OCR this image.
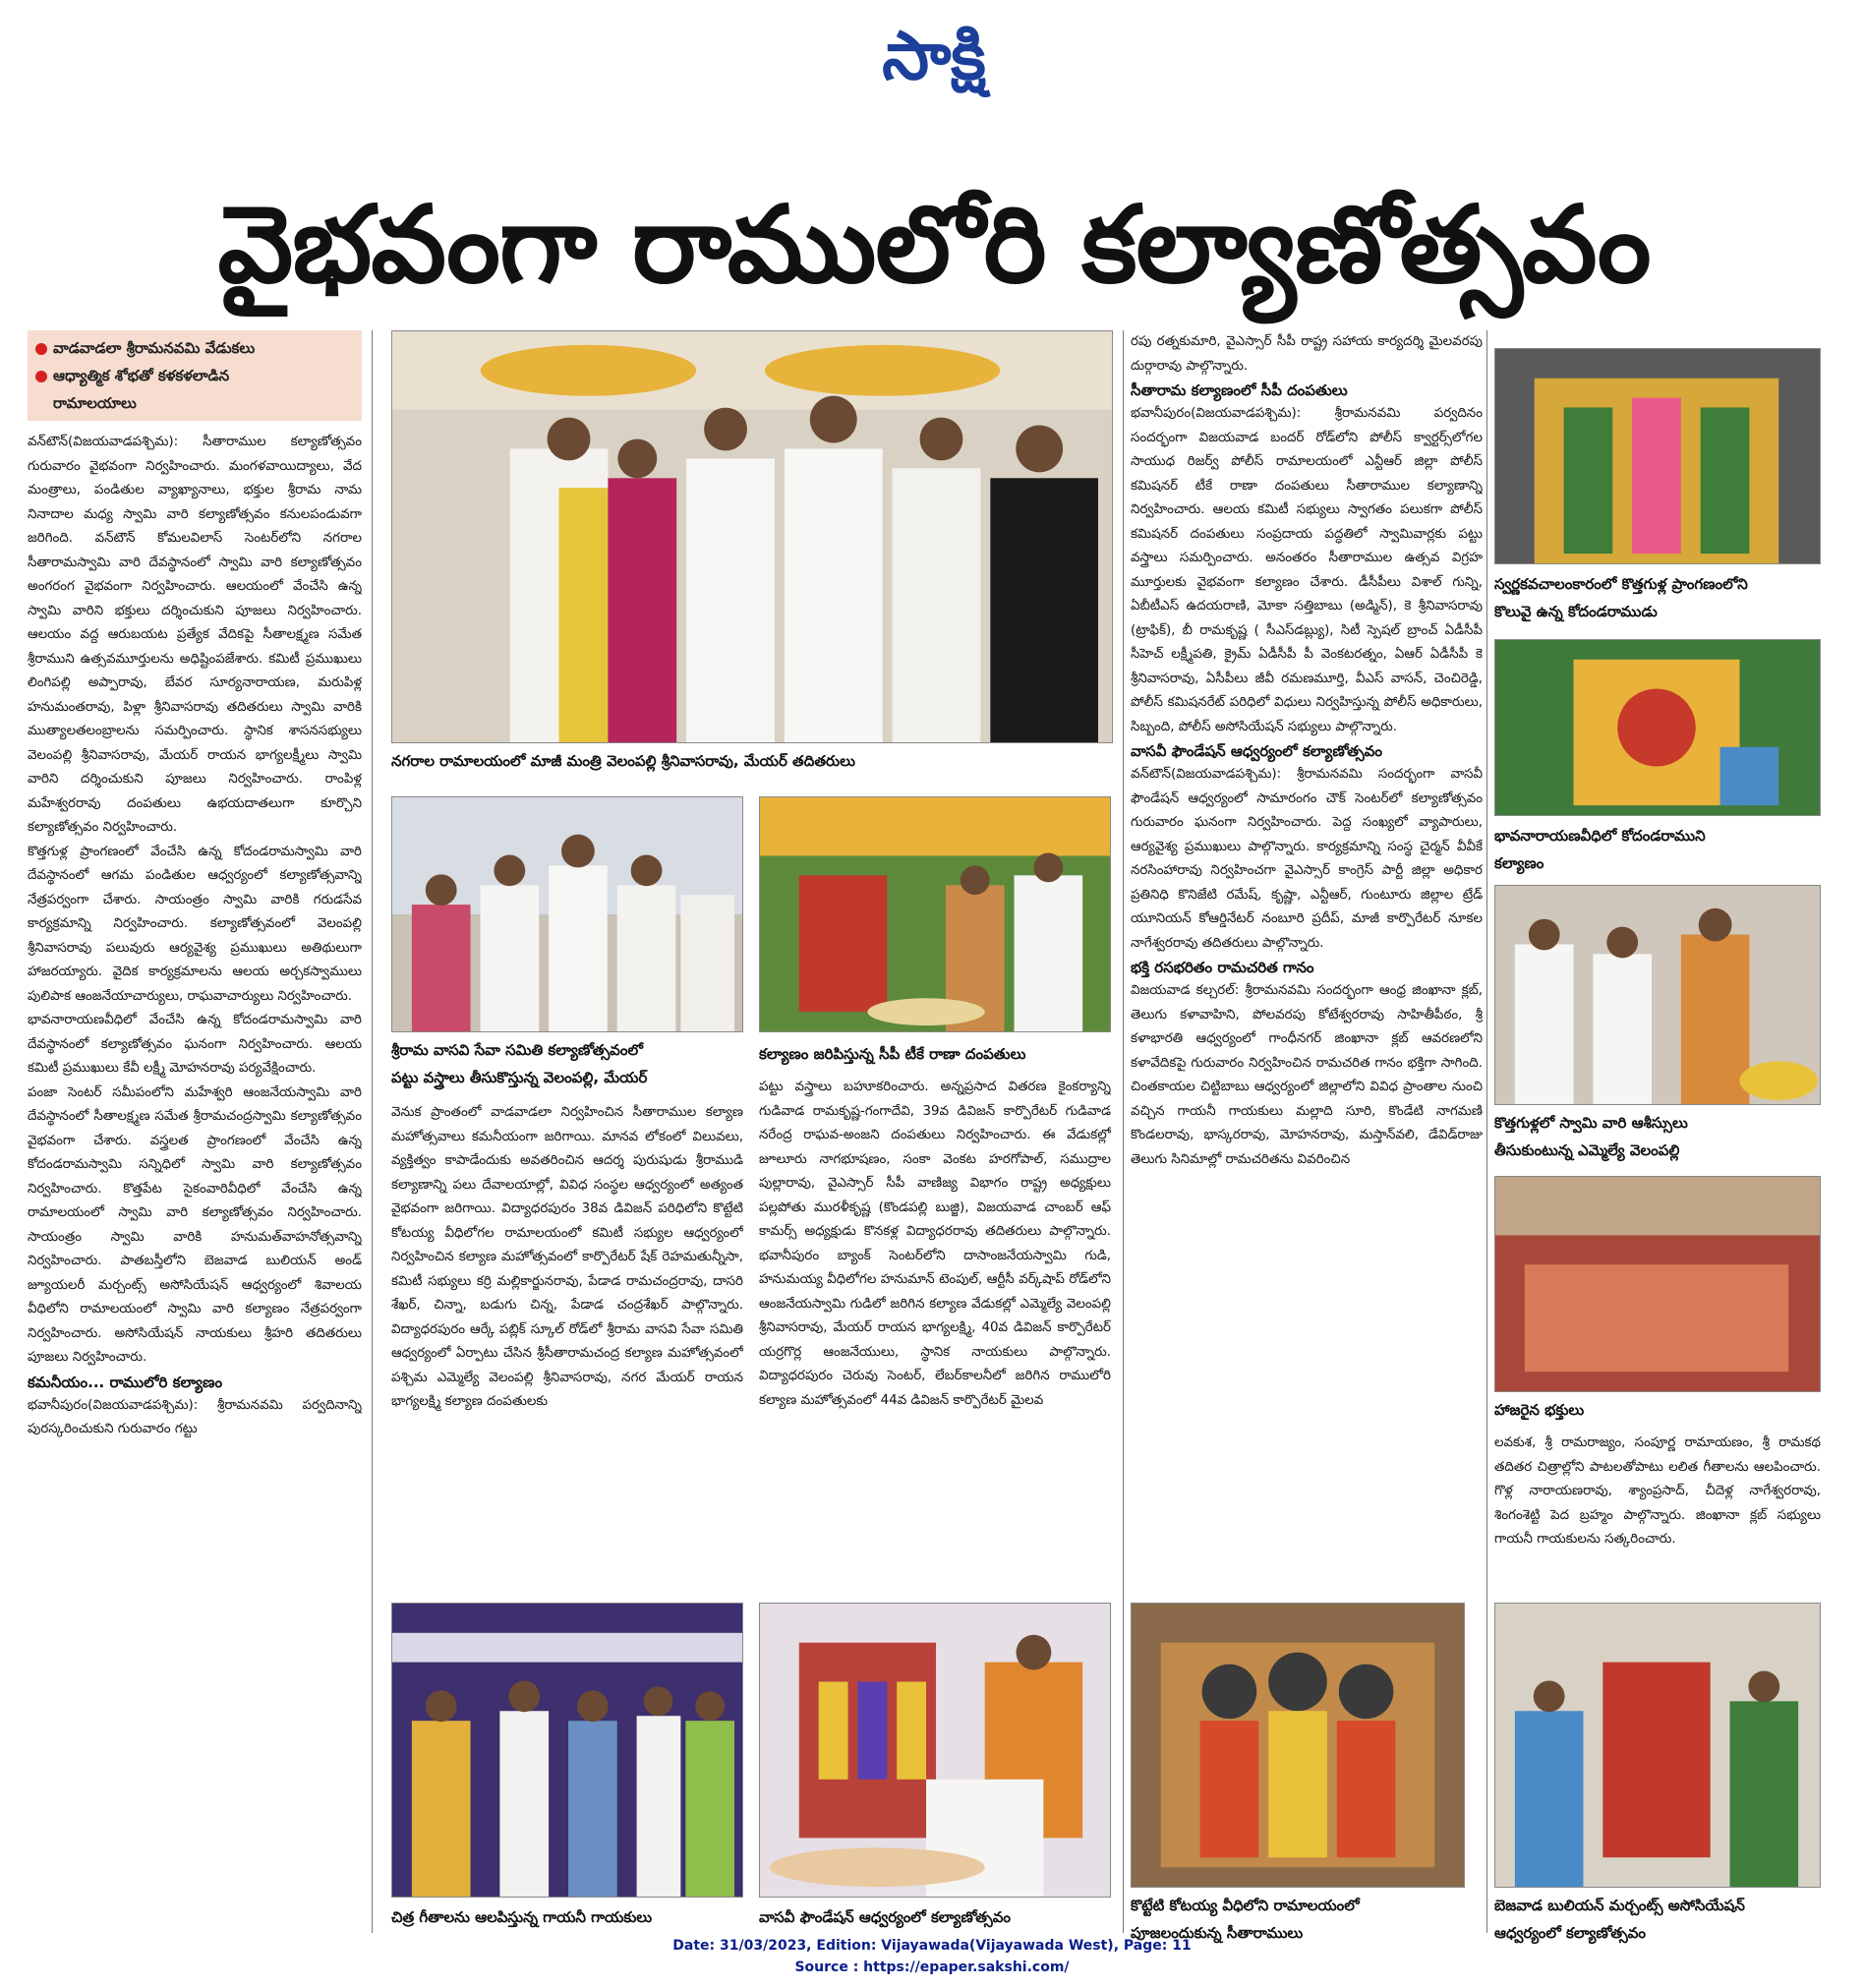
సాక్షి
వైభవంగా రాములోరి కల్యాణోత్సవం
వాడవాడలా శ్రీరామనవమి వేడుకలు
ఆధ్యాత్మిక శోభతో కళకళలాడిన
రామాలయాలు

వన్‌టౌన్‌(విజయవాడపశ్చిమ): సీతారాముల కల్యాణోత్సవం గురువారం వైభవంగా నిర్వహించారు. మంగళవాయిద్యాలు, వేద మంత్రాలు, పండితుల వ్యాఖ్యానాలు, భక్తుల శ్రీరామ నామ నినాదాల మధ్య స్వామి వారి కల్యాణోత్సవం కనులపండువగా జరిగింది. వన్‌టౌన్‌ కోమలవిలాస్‌ సెంటర్‌లోని నగరాల సీతారామస్వామి వారి దేవస్థానంలో స్వామి వారి కల్యాణోత్సవం అంగరంగ వైభవంగా నిర్వహించారు. ఆలయంలో వేంచేసి ఉన్న స్వామి వారిని భక్తులు దర్శించుకుని పూజలు నిర్వహించారు. ఆలయం వద్ద ఆరుబయట ప్రత్యేక వేదికపై సీతాలక్ష్మణ సమేత శ్రీరాముని ఉత్సవమూర్తులను అధిష్టింపజేశారు. కమిటీ ప్రముఖులు లింగిపల్లి అప్పారావు, బేవర సూర్యనారాయణ, మరుపిళ్ల హనుమంతరావు, పిళ్లా శ్రీనివాసరావు తదితరులు స్వామి వారికి ముత్యాలతలంబ్రాలను సమర్పించారు. స్థానిక శాసనసభ్యులు వెలంపల్లి శ్రీనివాసరావు, మేయర్‌ రాయన భాగ్యలక్ష్మీలు స్వామి వారిని దర్శించుకుని పూజలు నిర్వహించారు. రాంపిళ్ల మహేశ్వరరావు దంపతులు ఉభయదాతలుగా కూర్చొని కల్యాణోత్సవం నిర్వహించారు.

కొత్తగుళ్ల ప్రాంగణంలో వేంచేసి ఉన్న కోదండరామస్వామి వారి దేవస్థానంలో ఆగమ పండితుల ఆధ్వర్యంలో కల్యాణోత్సవాన్ని నేత్రపర్వంగా చేశారు. సాయంత్రం స్వామి వారికి గరుడసేవ కార్యక్రమాన్ని నిర్వహించారు. కల్యాణోత్సవంలో వెలంపల్లి శ్రీనివాసరావు పలువురు ఆర్యవైశ్య ప్రముఖులు అతిథులుగా హాజరయ్యారు. వైదిక కార్యక్రమాలను ఆలయ అర్చకస్వాములు పులిపాక ఆంజనేయాచార్యులు, రాఘవాచార్యులు నిర్వహించారు.

భావనారాయణవీధిలో వేంచేసి ఉన్న కోదండరామస్వామి వారి దేవస్థానంలో కల్యాణోత్సవం ఘనంగా నిర్వహించారు. ఆలయ కమిటీ ప్రముఖులు కేవీ లక్ష్మీ మోహనరావు పర్యవేక్షించారు.

పంజా సెంటర్‌ సమీపంలోని మహేశ్వరి ఆంజనేయస్వామి వారి దేవస్థానంలో సీతాలక్ష్మణ సమేత శ్రీరామచంద్రస్వామి కల్యాణోత్సవం వైభవంగా చేశారు. వస్త్రలత ప్రాంగణంలో వేంచేసి ఉన్న కోదండరామస్వామి సన్నిధిలో స్వామి వారి కల్యాణోత్సవం నిర్వహించారు. కొత్తపేట సైకంవారివీధిలో వేంచేసి ఉన్న రామాలయంలో స్వామి వారి కల్యాణోత్సవం నిర్వహించారు. సాయంత్రం స్వామి వారికి హనుమత్‌వాహనోత్సవాన్ని నిర్వహించారు. పాతబస్తీలోని బెజవాడ బులియన్‌ అండ్‌ జ్యూయలరీ మర్చంట్స్‌ అసోసియేషన్‌ ఆధ్వర్యంలో శివాలయ వీధిలోని రామాలయంలో స్వామి వారి కల్యాణం నేత్రపర్వంగా నిర్వహించారు. అసోసియేషన్‌ నాయకులు శ్రీహరి తదితరులు పూజలు నిర్వహించారు.

కమనీయం... రాములోరి కల్యాణం

భవానీపురం(విజయవాడపశ్చిమ): శ్రీరామనవమి పర్వదినాన్ని పురస్కరించుకుని గురువారం గట్టు

నగరాల రామాలయంలో మాజీ మంత్రి వెలంపల్లి శ్రీనివాసరావు, మేయర్‌ తదితరులు
శ్రీరామ వాసవి సేవా సమితి కల్యాణోత్సవంలో
పట్టు వస్త్రాలు తీసుకొస్తున్న వెలంపల్లి, మేయర్‌
కల్యాణం జరిపిస్తున్న సీపీ టీకే రాణా దంపతులు

వెనుక ప్రాంతంలో వాడవాడలా నిర్వహించిన సీతారాముల కల్యాణ మహోత్సవాలు కమనీయంగా జరిగాయి. మానవ లోకంలో విలువలు, వ్యక్తిత్వం కాపాడేందుకు అవతరించిన ఆదర్శ పురుషుడు శ్రీరాముడి కల్యాణాన్ని పలు దేవాలయాల్లో, వివిధ సంస్థల ఆధ్వర్యంలో అత్యంత వైభవంగా జరిగాయి. విద్యాధరపురం 38వ డివిజన్‌ పరిధిలోని కొట్టేటి కోటయ్య వీధిలోగల రామాలయంలో కమిటీ సభ్యుల ఆధ్వర్యంలో నిర్వహించిన కల్యాణ మహోత్సవంలో కార్పొరేటర్‌ షేక్‌ రెహమతున్నీసా, కమిటీ సభ్యులు కర్రి మల్లికార్జునరావు, పేడాడ రామచంద్రరావు, దాసరి శేఖర్‌, చిన్నా, బడుగు చిన్న, పేడాడ చంద్రశేఖర్‌ పాల్గొన్నారు. విద్యాధరపురం ఆర్కే పబ్లిక్‌ స్కూల్‌ రోడ్‌లో శ్రీరామ వాసవి సేవా సమితి ఆధ్వర్యంలో ఏర్పాటు చేసిన శ్రీసీతారామచంద్ర కల్యాణ మహోత్సవంలో పశ్చిమ ఎమ్మెల్యే వెలంపల్లి శ్రీనివాసరావు, నగర మేయర్‌ రాయన భాగ్యలక్ష్మి కల్యాణ దంపతులకు

పట్టు వస్త్రాలు బహూకరించారు. అన్నప్రసాద వితరణ కైంకర్యాన్ని గుడివాడ రామకృష్ణ-గంగాదేవి, 39వ డివిజన్‌ కార్పొరేటర్‌ గుడివాడ నరేంద్ర రాఘవ-అంజని దంపతులు నిర్వహించారు. ఈ వేడుకల్లో జూలూరు నాగభూషణం, సంకా వెంకట హరగోపాల్‌, సముద్రాల పుల్లారావు, వైఎస్సార్‌ సీపీ వాణిజ్య విభాగం రాష్ట్ర అధ్యక్షులు పల్లపోతు మురళీకృష్ణ (కొండపల్లి బుజ్జి), విజయవాడ చాంబర్‌ ఆఫ్‌ కామర్స్‌ అధ్యక్షుడు కొనకళ్ల విద్యాధరరావు తదితరులు పాల్గొన్నారు. భవానీపురం బ్యాంక్‌ సెంటర్‌లోని దాసాంజనేయస్వామి గుడి, హనుమయ్య వీధిలోగల హనుమాన్‌ టెంపుల్‌, ఆర్టీసీ వర్క్‌షాప్‌ రోడ్‌లోని ఆంజనేయస్వామి గుడిలో జరిగిన కల్యాణ వేడుకల్లో ఎమ్మెల్యే వెలంపల్లి శ్రీనివాసరావు, మేయర్‌ రాయన భాగ్యలక్ష్మి, 40వ డివిజన్‌ కార్పొరేటర్‌ యర్రగొర్ల ఆంజనేయులు, స్థానిక నాయకులు పాల్గొన్నారు. విద్యాధరపురం చెరువు సెంటర్‌, లేబర్‌కాలనీలో జరిగిన రాములోరి కల్యాణ మహోత్సవంలో 44వ డివిజన్‌ కార్పొరేటర్‌ మైలవ

చిత్ర గీతాలను ఆలపిస్తున్న గాయనీ గాయకులు	వాసవీ ఫౌండేషన్‌ ఆధ్వర్యంలో కల్యాణోత్సవం

రపు రత్నకుమారి, వైఎస్సార్‌ సీపీ రాష్ట్ర సహాయ కార్యదర్శి మైలవరపు దుర్గారావు పాల్గొన్నారు.

సీతారామ కల్యాణంలో సీపీ దంపతులు

భవానీపురం(విజయవాడపశ్చిమ): శ్రీరామనవమి పర్వదినం సందర్భంగా విజయవాడ బందర్‌ రోడ్‌లోని పోలీస్‌ క్వార్టర్స్‌లోగల సాయుధ రిజర్వ్‌ పోలీస్‌ రామాలయంలో ఎన్టీఆర్‌ జిల్లా పోలీస్‌ కమిషనర్‌ టీకే రాణా దంపతులు సీతారాముల కల్యాణాన్ని నిర్వహించారు. ఆలయ కమిటీ సభ్యులు స్వాగతం పలుకగా పోలీస్‌ కమిషనర్‌ దంపతులు సంప్రదాయ పద్ధతిలో స్వామివార్లకు పట్టు వస్త్రాలు సమర్పించారు. అనంతరం సీతారాముల ఉత్సవ విగ్రహ మూర్తులకు వైభవంగా కల్యాణం చేశారు. డీసీపీలు విశాల్‌ గున్ని, ఏబీటీఎస్‌ ఉదయరాణి, మోకా సత్తిబాబు (అడ్మిన్‌), కె శ్రీనివాసరావు (ట్రాఫిక్‌), బీ రామకృష్ణ ( సీఎస్‌డబ్ల్యు), సిటీ స్పెషల్‌ బ్రాంచ్‌ ఏడీసీపీ సీహెచ్‌ లక్ష్మీపతి, క్రైమ్‌ ఏడీసీపీ పీ వెంకటరత్నం, ఏఆర్‌ ఏడీసీపీ కె శ్రీనివాసరావు, ఏసీపీలు జీవీ రమణమూర్తి, వీఎస్‌ వాసన్‌, చెంచిరెడ్డి, పోలీస్‌ కమిషనరేట్‌ పరిధిలో విధులు నిర్వహిస్తున్న పోలీస్‌ అధికారులు, సిబ్బంది, పోలీస్‌ అసోసియేషన్‌ సభ్యులు పాల్గొన్నారు.

వాసవీ ఫౌండేషన్‌ ఆధ్వర్యంలో కల్యాణోత్సవం

వన్‌టౌన్‌(విజయవాడపశ్చిమ): శ్రీరామనవమి సందర్భంగా వాసవీ ఫౌండేషన్‌ ఆధ్వర్యంలో సామారంగం చౌక్‌ సెంటర్‌లో కల్యాణోత్సవం గురువారం ఘనంగా నిర్వహించారు. పెద్ద సంఖ్యలో వ్యాపారులు, ఆర్యవైశ్య ప్రముఖులు పాల్గొన్నారు. కార్యక్రమాన్ని సంస్థ చైర్మన్‌ వీవీకే నరసింహారావు నిర్వహించగా వైఎస్సార్‌ కాంగ్రెస్‌ పార్టీ జిల్లా అధికార ప్రతినిధి కొనిజేటి రమేష్‌, కృష్ణా, ఎన్టీఆర్‌, గుంటూరు జిల్లాల ట్రేడ్‌ యూనియన్‌ కోఆర్డినేటర్‌ నంబూరి ప్రదీప్‌, మాజీ కార్పొరేటర్‌ నూకల నాగేశ్వరరావు తదితరులు పాల్గొన్నారు.

భక్తి రసభరితం రామచరిత గానం

విజయవాడ కల్చరల్‌: శ్రీరామనవమి సందర్భంగా ఆంధ్ర జింఖానా క్లబ్‌, తెలుగు కళావాహిని, పోలవరపు కోటేశ్వరరావు సాహితీపీఠం, శ్రీ కళాభారతి ఆధ్వర్యంలో గాంధీనగర్‌ జింఖానా క్లబ్‌ ఆవరణలోని కళావేదికపై గురువారం నిర్వహించిన రామచరిత గానం భక్తిగా సాగింది. చింతకాయల చిట్టిబాబు ఆధ్వర్యంలో జిల్లాలోని వివిధ ప్రాంతాల నుంచి వచ్చిన గాయనీ గాయకులు మల్లాది సూరి, కొండేటి నాగమణి కొండలరావు, భాస్కరరావు, మోహనరావు, మస్తాన్‌వలి, డేవిడ్‌రాజు తెలుగు సినిమాల్లో రామచరితను వివరించిన

కొట్టేటి కోటయ్య వీధిలోని రామాలయంలో
పూజలందుకున్న సీతారాములు
స్వర్ణకవచాలంకారంలో కొత్తగుళ్ల ప్రాంగణంలోని
కొలువై ఉన్న కోదండరాముడు
భావనారాయణవీధిలో కోదండరాముని
కల్యాణం
కొత్తగుళ్లలో స్వామి వారి ఆశీస్సులు
తీసుకుంటున్న ఎమ్మెల్యే వెలంపల్లి
హాజరైన భక్తులు

లవకుశ, శ్రీ రామరాజ్యం, సంపూర్ణ రామాయణం, శ్రీ రామకథ తదితర చిత్రాల్లోని పాటలతోపాటు లలిత గీతాలను ఆలపించారు. గొళ్ల నారాయణరావు, శ్యాంప్రసాద్‌, చీదెళ్ల నాగేశ్వరరావు, శింగంశెట్టి పెద బ్రహ్మం పాల్గొన్నారు. జింఖానా క్లబ్‌ సభ్యులు గాయనీ గాయకులను సత్కరించారు.

బెజవాడ బులియన్‌ మర్చంట్స్‌ అసోసియేషన్‌
ఆధ్వర్యంలో కల్యాణోత్సవం
Date: 31/03/2023, Edition: Vijayawada(Vijayawada West), Page: 11
Source : https://epaper.sakshi.com/
